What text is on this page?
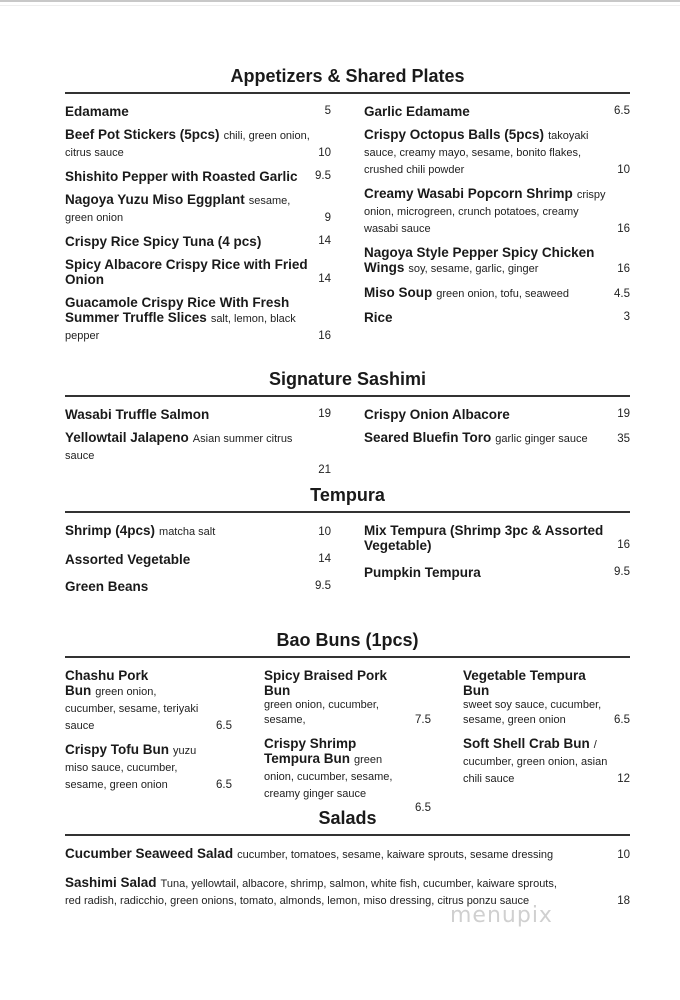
Appetizers & Shared Plates
Edamame	5
Beef Pot Stickers (5pcs) chili, green onion, citrus sauce	10
Shishito Pepper with Roasted Garlic	9.5
Nagoya Yuzu Miso Eggplant sesame, green onion	9
Crispy Rice Spicy Tuna (4 pcs)	14
Spicy Albacore Crispy Rice with Fried Onion	14
Guacamole Crispy Rice With Fresh Summer Truffle Slices salt, lemon, black pepper	16
Garlic Edamame	6.5
Crispy Octopus Balls (5pcs) takoyaki sauce, creamy mayo, sesame, bonito flakes, crushed chili powder	10
Creamy Wasabi Popcorn Shrimp crispy onion, microgreen, crunch potatoes, creamy wasabi sauce	16
Nagoya Style Pepper Spicy Chicken Wings soy, sesame, garlic, ginger	16
Miso Soup green onion, tofu, seaweed	4.5
Rice	3
Signature Sashimi
Wasabi Truffle Salmon	19
Yellowtail Jalapeno Asian summer citrus sauce
21
Crispy Onion Albacore	19
Seared Bluefin Toro garlic ginger sauce	35
Tempura
Shrimp (4pcs) matcha salt	10
Assorted Vegetable	14
Green Beans	9.5
Mix Tempura (Shrimp 3pc & Assorted Vegetable)	16
Pumpkin Tempura	9.5
Bao Buns (1pcs)
Chashu Pork Bun green onion, cucumber, sesame, teriyaki sauce	6.5
Crispy Tofu Bun yuzu miso sauce, cucumber, sesame, green onion	6.5
Spicy Braised Pork Bun
green onion, cucumber, sesame,	7.5
Crispy Shrimp Tempura Bun green onion, cucumber, sesame, creamy ginger sauce
6.5
Vegetable Tempura Bun
sweet soy sauce, cucumber, sesame, green onion	6.5
Soft Shell Crab Bun / cucumber, green onion, asian chili sauce	12
Salads
Cucumber Seaweed Salad cucumber, tomatoes, sesame, kaiware sprouts, sesame dressing	10
Sashimi Salad Tuna, yellowtail, albacore, shrimp, salmon, white fish, cucumber, kaiware sprouts, red radish, radicchio, green onions, tomato, almonds, lemon, miso dressing, citrus ponzu sauce	18
menupix
